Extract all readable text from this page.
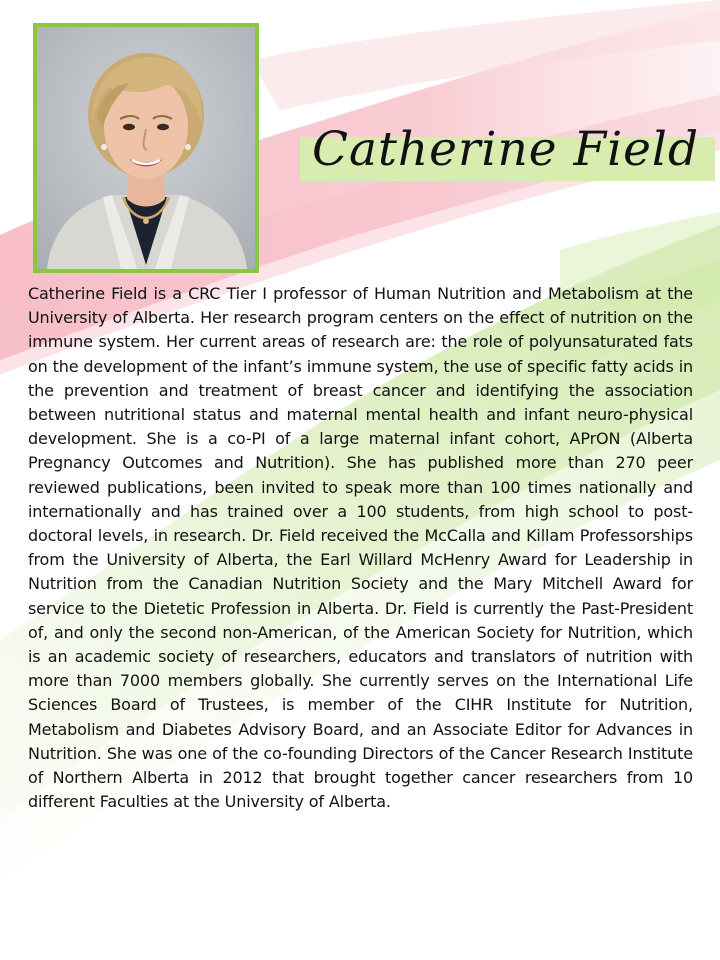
Catherine Field

Catherine Field is a CRC Tier I professor of Human Nutrition and Metabolism at the University of Alberta. Her research program centers on the effect of nutrition on the immune system. Her current areas of research are: the role of polyunsaturated fats on the development of the infant’s immune system, the use of specific fatty acids in the prevention and treatment of breast cancer and identifying the association between nutritional status and maternal mental health and infant neuro-physical development. She is a co-PI of a large maternal infant cohort, APrON (Alberta Pregnancy Outcomes and Nutrition). She has published more than 270 peer reviewed publications, been invited to speak more than 100 times nationally and internationally and has trained over a 100 students, from high school to post-doctoral levels, in research. Dr. Field received the McCalla and Killam Professorships from the University of Alberta, the Earl Willard McHenry Award for Leadership in Nutrition from the Canadian Nutrition Society and the Mary Mitchell Award for service to the Dietetic Profession in Alberta. Dr. Field is currently the Past-President of, and only the second non-American, of the American Society for Nutrition, which is an academic society of researchers, educators and translators of nutrition with more than 7000 members globally. She currently serves on the International Life Sciences Board of Trustees, is member of the CIHR Institute for Nutrition, Metabolism and Diabetes Advisory Board, and an Associate Editor for Advances in Nutrition. She was one of the co-founding Directors of the Cancer Research Institute of Northern Alberta in 2012 that brought together cancer researchers from 10 different Faculties at the University of Alberta.
